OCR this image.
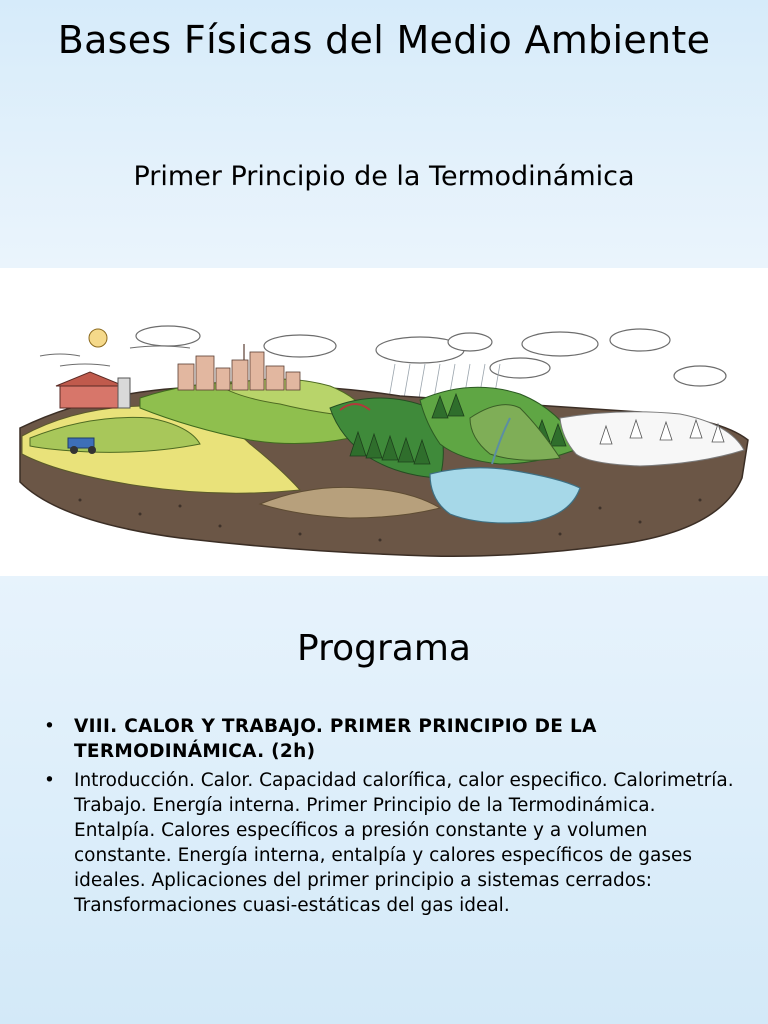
Bases Físicas del Medio Ambiente
Primer Principio de la Termodinámica
Programa
• VIII. CALOR Y TRABAJO. PRIMER PRINCIPIO DE LA TERMODINÁMICA. (2h)
• Introducción. Calor. Capacidad calorífica, calor especifico. Calorimetría. Trabajo. Energía interna. Primer Principio de la Termodinámica. Entalpía. Calores específicos a presión constante y a volumen constante. Energía interna, entalpía y calores específicos de gases ideales. Aplicaciones del primer principio a sistemas cerrados: Transformaciones cuasi-estáticas del gas ideal.
